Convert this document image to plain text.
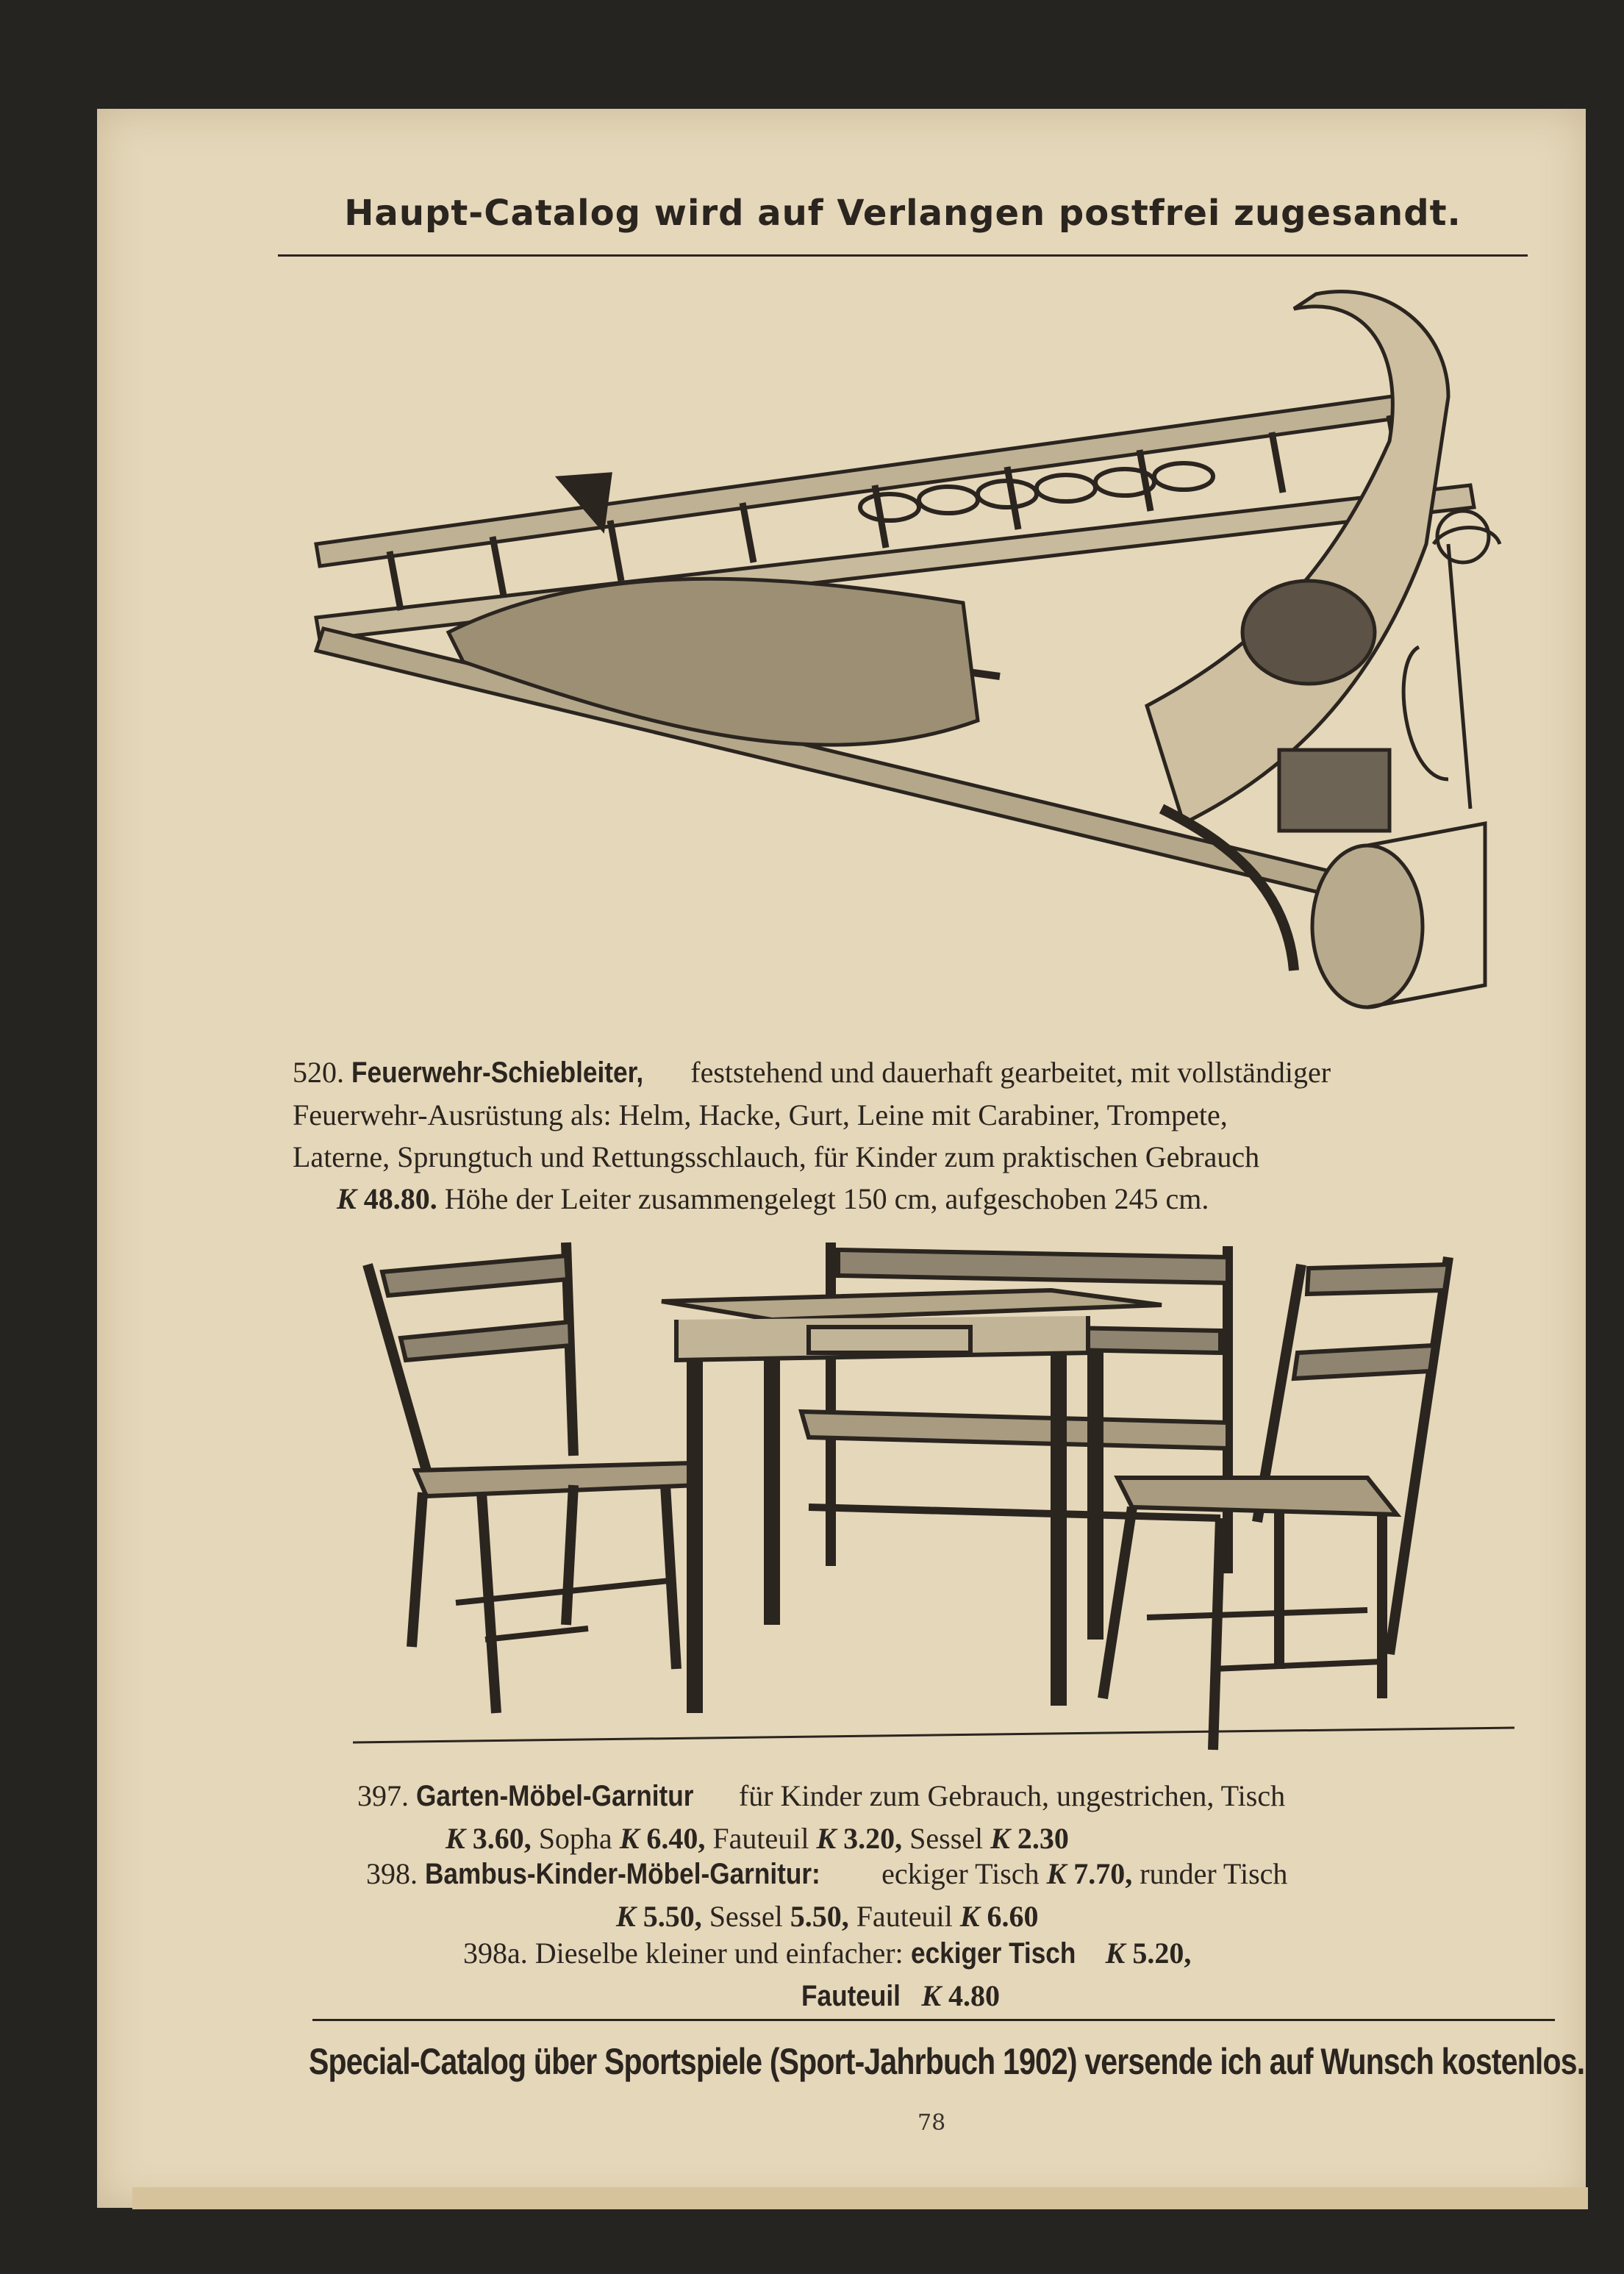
Haupt-Catalog wird auf Verlangen postfrei zugesandt.
520. Feuerwehr-Schiebleiter, feststehend und dauerhaft gearbeitet, mit vollständiger
Feuerwehr-Ausrüstung als: Helm, Hacke, Gurt, Leine mit Carabiner, Trompete,
Laterne, Sprungtuch und Rettungsschlauch, für Kinder zum praktischen Gebrauch
K 48.80. Höhe der Leiter zusammengelegt 150 cm, aufgeschoben 245 cm.
397. Garten-Möbel-Garnitur für Kinder zum Gebrauch, ungestrichen, Tisch
K 3.60, Sopha K 6.40, Fauteuil K 3.20, Sessel K 2.30
398. Bambus-Kinder-Möbel-Garnitur: eckiger Tisch K 7.70, runder Tisch
K 5.50, Sessel 5.50, Fauteuil K 6.60
398a. Dieselbe kleiner und einfacher: eckiger Tisch K 5.20,
Fauteuil K 4.80
Special-Catalog über Sportspiele (Sport-Jahrbuch 1902) versende ich auf Wunsch kostenlos.
78
